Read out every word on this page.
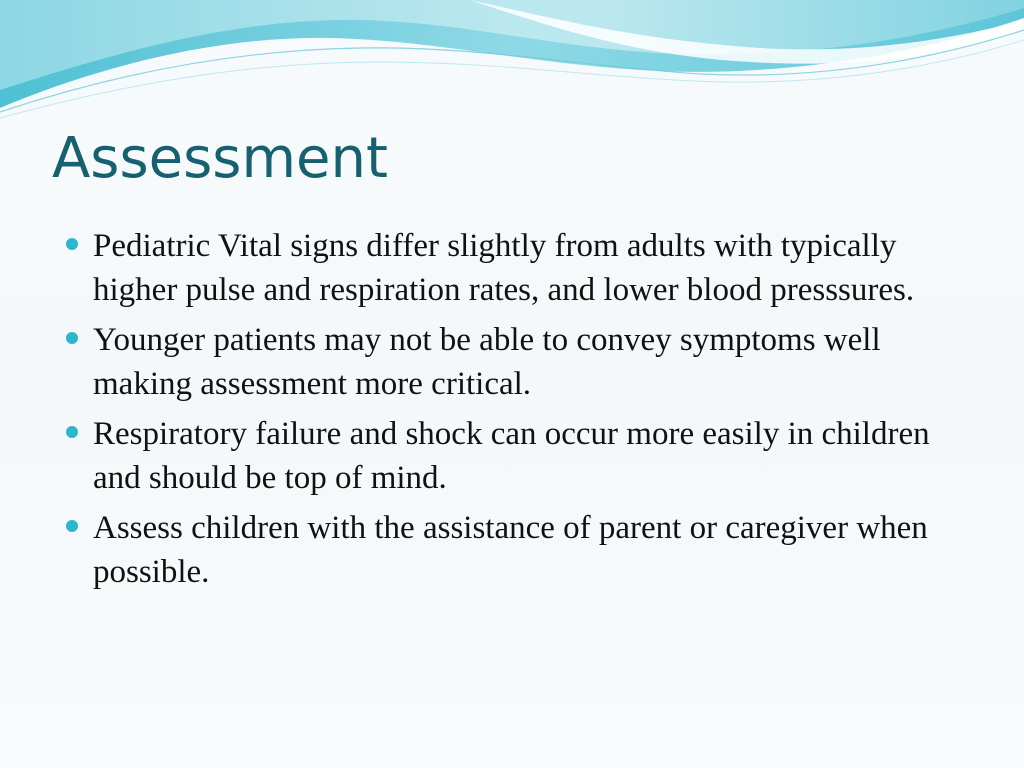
Assessment
Pediatric Vital signs differ slightly from adults with typically higher pulse and respiration rates, and lower blood presssures.
Younger patients may not be able to convey symptoms well making assessment more critical.
Respiratory failure and shock can occur more easily in children and should be top of mind.
Assess children with the assistance of parent or caregiver when possible.
